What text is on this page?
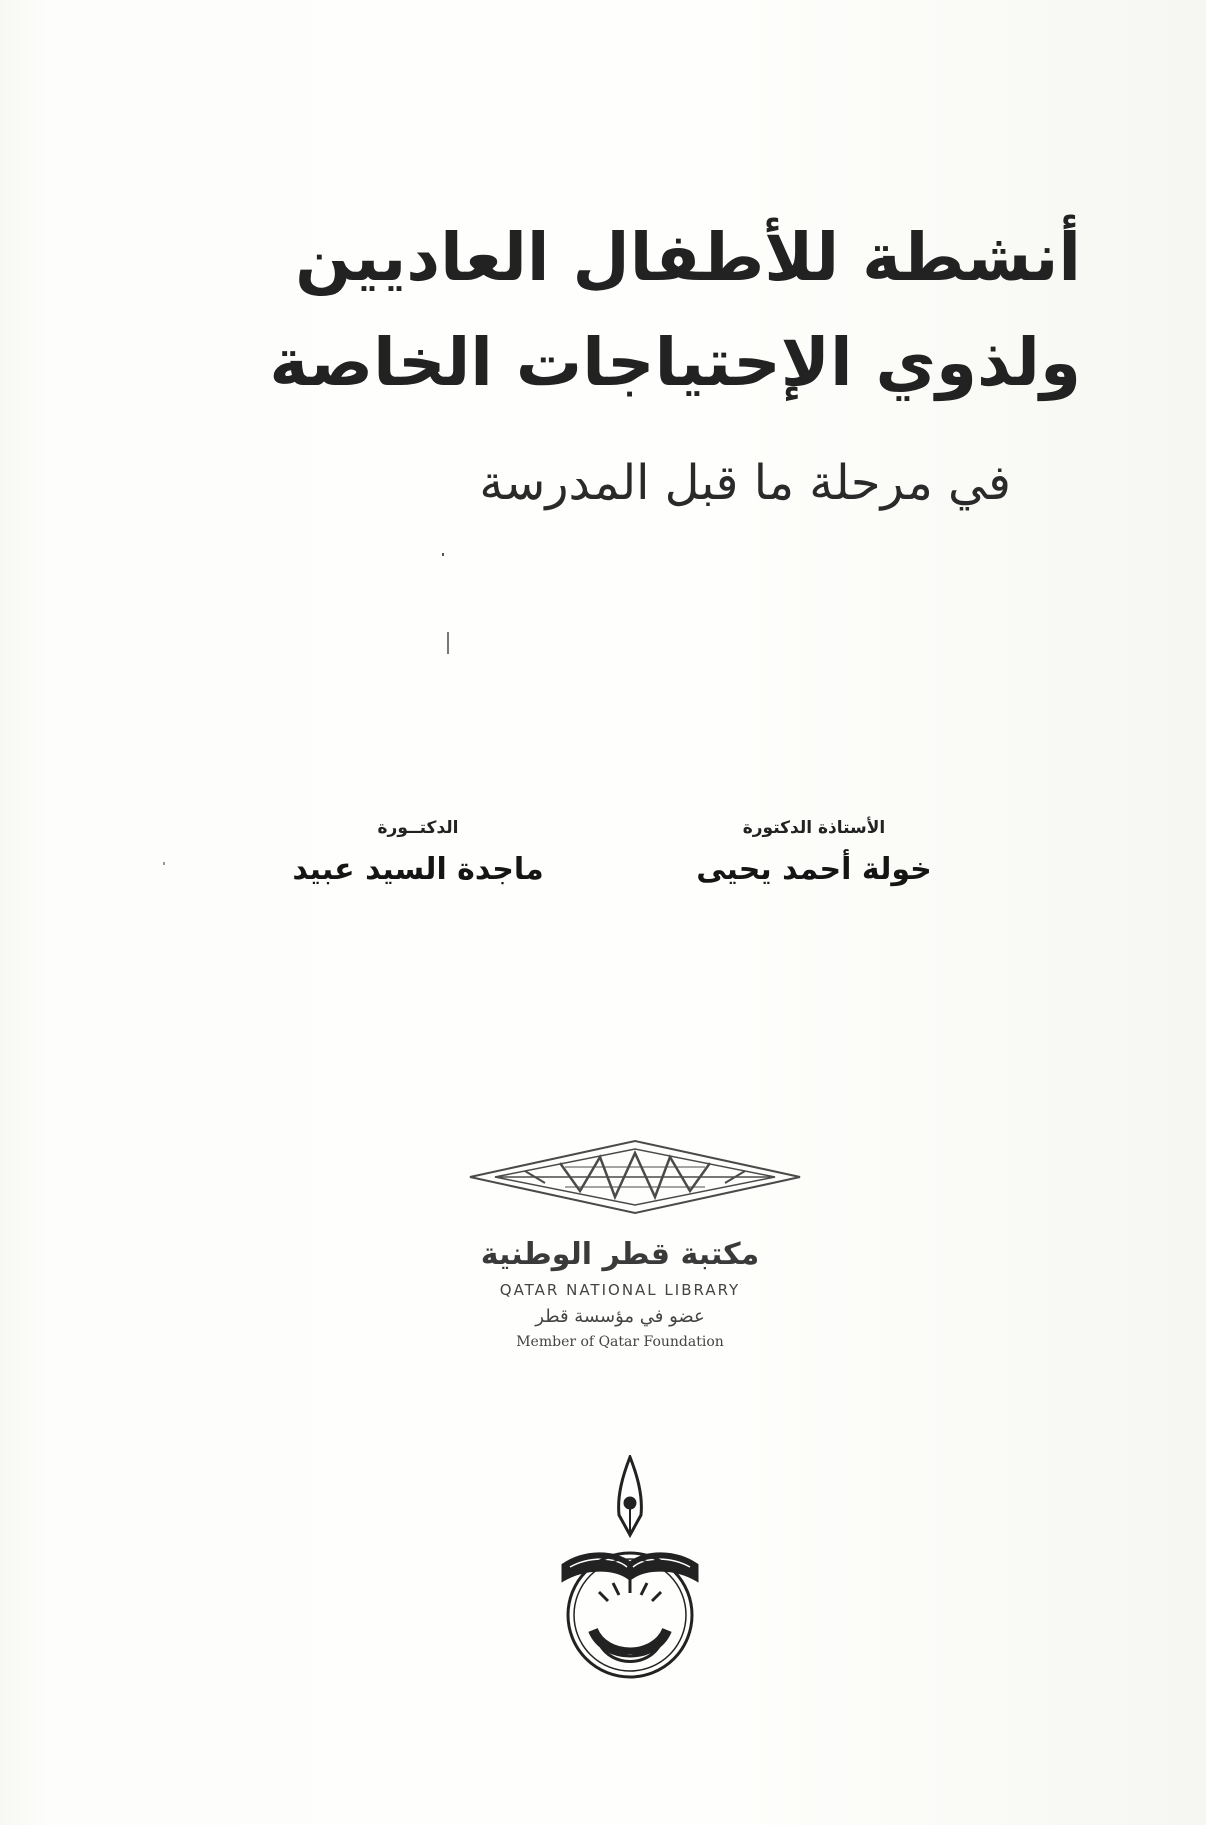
أنشطة للأطفال العاديين
ولذوي الإحتياجات الخاصة
في مرحلة ما قبل المدرسة
الأستاذة الدكتورة
خولة أحمد يحيى
الدكتــورة
ماجدة السيد عبيد
مكتبة قطر الوطنية
QATAR NATIONAL LIBRARY
عضو في مؤسسة قطر
Member of Qatar Foundation
دار المسيرة
